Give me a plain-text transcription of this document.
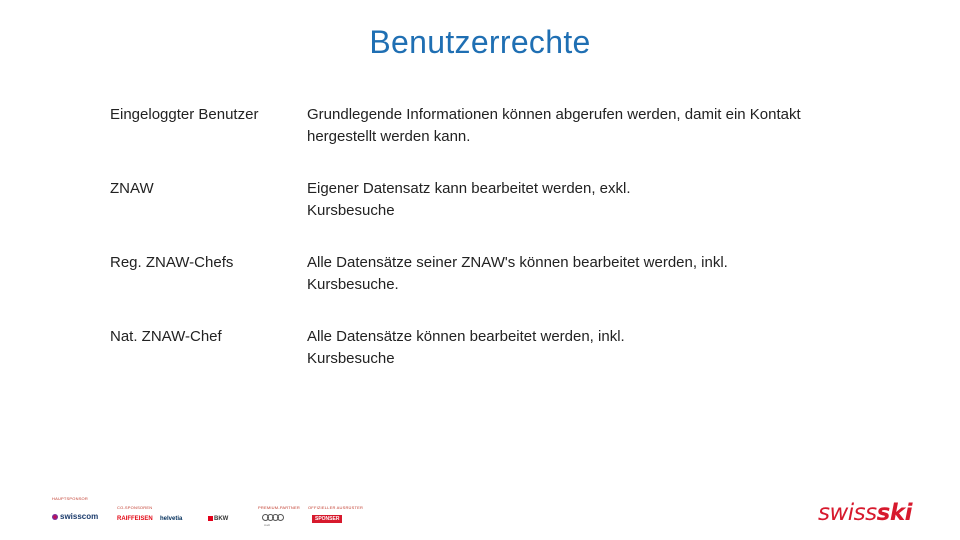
Benutzerrechte
Eingeloggter Benutzer	Grundlegende Informationen können abgerufen werden, damit ein Kontakt hergestellt werden kann.
ZNAW	Eigener Datensatz kann bearbeitet werden, exkl. Kursbesuche
Reg. ZNAW-Chefs	Alle Datensätze seiner ZNAW's können bearbeitet werden, inkl. Kursbesuche.
Nat. ZNAW-Chef	Alle Datensätze können bearbeitet werden, inkl. Kursbesuche
HAUPTSPONSOR
swisscom
CO-SPONSOREN
RAIFFEISEN helvetia	BKW
PREMIUM-PARTNER
Audi
OFFIZIELLER AUSRÜSTER
SPONSER	swissski
